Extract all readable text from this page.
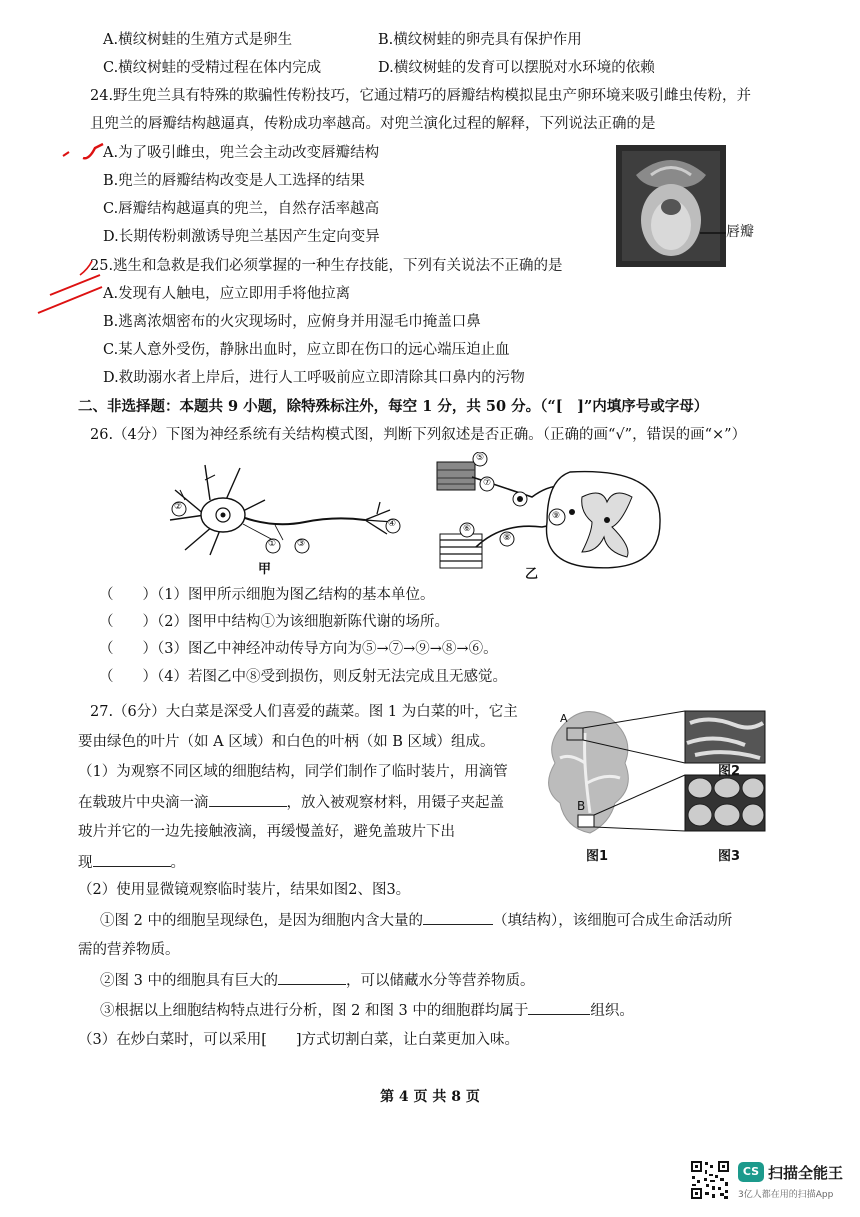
A.横纹树蛙的生殖方式是卵生	B.横纹树蛙的卵壳具有保护作用
C.横纹树蛙的受精过程在体内完成	D.横纹树蛙的发育可以摆脱对水环境的依赖
24.野生兜兰具有特殊的欺骗性传粉技巧，它通过精巧的唇瓣结构模拟昆虫产卵环境来吸引雌虫传粉，并
且兜兰的唇瓣结构越逼真，传粉成功率越高。对兜兰演化过程的解释，下列说法正确的是
A.为了吸引雌虫，兜兰会主动改变唇瓣结构
B.兜兰的唇瓣结构改变是人工选择的结果
C.唇瓣结构越逼真的兜兰，自然存活率越高
D.长期传粉刺激诱导兜兰基因产生定向变异	唇瓣
25.逃生和急救是我们必须掌握的一种生存技能，下列有关说法不正确的是
A.发现有人触电，应立即用手将他拉离
B.逃离浓烟密布的火灾现场时，应俯身并用湿毛巾掩盖口鼻
C.某人意外受伤，静脉出血时，应立即在伤口的远心端压迫止血
D.救助溺水者上岸后，进行人工呼吸前应立即清除其口鼻内的污物
二、非选择题：本题共 9 小题，除特殊标注外，每空 1 分，共 50 分。（“[　]”内填序号或字母）
26.（4分）下图为神经系统有关结构模式图，判断下列叙述是否正确。（正确的画“√”，错误的画“×”）
②
① ③
④
甲
⑤
⑦
⑥
⑧
⑨
乙
（　　）（1）图甲所示细胞为图乙结构的基本单位。
（　　）（2）图甲中结构①为该细胞新陈代谢的场所。
（　　）（3）图乙中神经冲动传导方向为⑤→⑦→⑨→⑧→⑥。
（　　）（4）若图乙中⑧受到损伤，则反射无法完成且无感觉。
27.（6分）大白菜是深受人们喜爱的蔬菜。图 1 为白菜的叶，它主
要由绿色的叶片（如 A 区域）和白色的叶柄（如 B 区域）组成。
（1）为观察不同区域的细胞结构，同学们制作了临时装片，用滴管
在载玻片中央滴一滴	，放入被观察材料，用镊子夹起盖
玻片并它的一边先接触液滴，再缓慢盖好，避免盖玻片下出
现	。
A
B
图1
图2
图3
（2）使用显微镜观察临时装片，结果如图2、图3。
①图 2 中的细胞呈现绿色，是因为细胞内含大量的	（填结构），该细胞可合成生命活动所
需的营养物质。
②图 3 中的细胞具有巨大的	，可以储藏水分等营养物质。
③根据以上细胞结构特点进行分析，图 2 和图 3 中的细胞群均属于	组织。
（3）在炒白菜时，可以采用[　　]方式切割白菜，让白菜更加入味。
第 4 页 共 8 页
CS 扫描全能王
3亿人都在用的扫描App
